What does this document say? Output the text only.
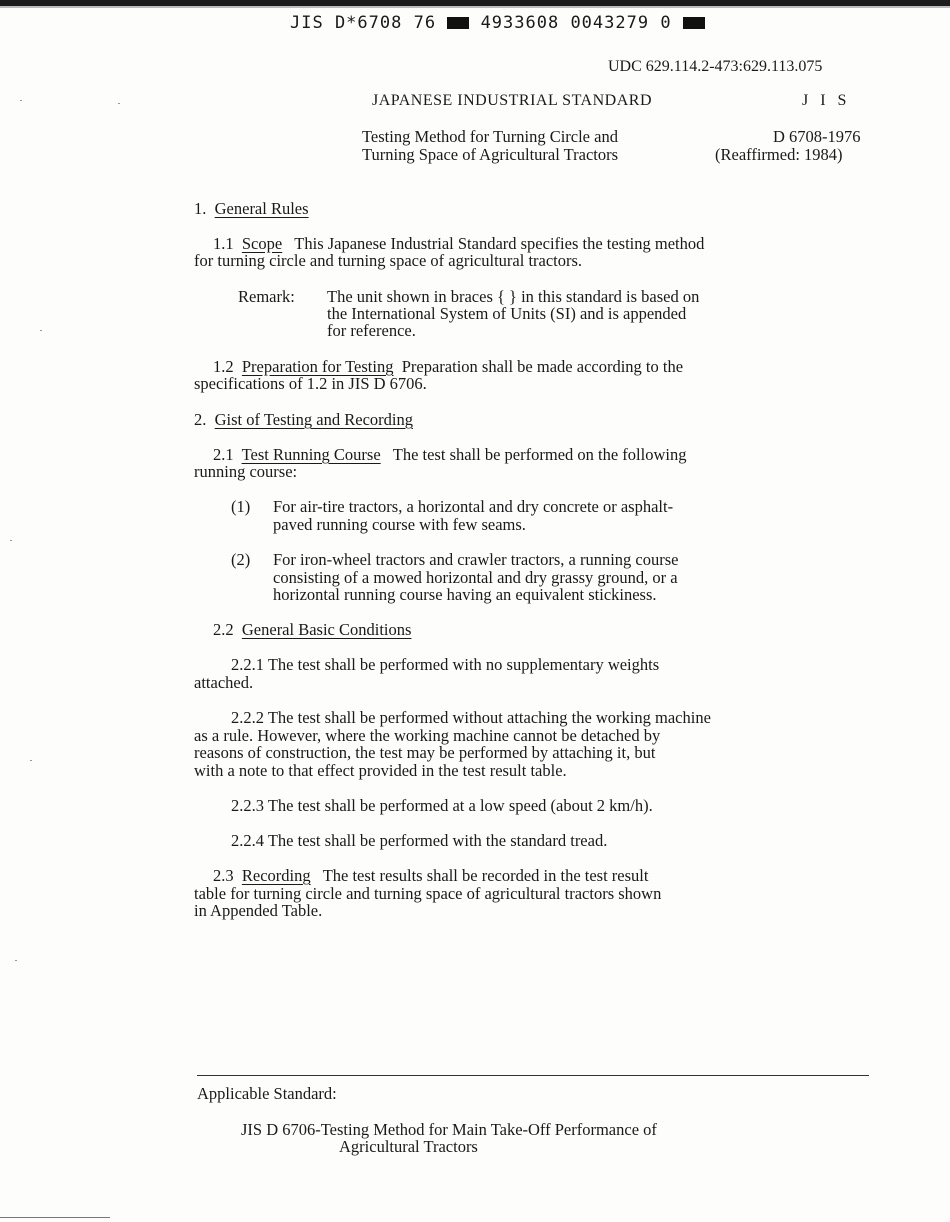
JIS D*6708 76	4933608 0043279 0
UDC 629.114.2-473:629.113.075
JAPANESE INDUSTRIAL STANDARD	J I S
Testing Method for Turning Circle and
Turning Space of Agricultural Tractors
D 6708-1976
(Reaffirmed: 1984)
1. General Rules
1.1 Scope This Japanese Industrial Standard specifies the testing method
for turning circle and turning space of agricultural tractors.
Remark: The unit shown in braces { } in this standard is based on
the International System of Units (SI) and is appended
for reference.
1.2 Preparation for Testing Preparation shall be made according to the
specifications of 1.2 in JIS D 6706.
2. Gist of Testing and Recording
2.1 Test Running Course The test shall be performed on the following
running course:
(1) For air-tire tractors, a horizontal and dry concrete or asphalt-
paved running course with few seams.
(2) For iron-wheel tractors and crawler tractors, a running course
consisting of a mowed horizontal and dry grassy ground, or a
horizontal running course having an equivalent stickiness.
2.2 General Basic Conditions
2.2.1 The test shall be performed with no supplementary weights
attached.
2.2.2 The test shall be performed without attaching the working machine
as a rule. However, where the working machine cannot be detached by
reasons of construction, the test may be performed by attaching it, but
with a note to that effect provided in the test result table.
2.2.3 The test shall be performed at a low speed (about 2 km/h).
2.2.4 The test shall be performed with the standard tread.
2.3 Recording The test results shall be recorded in the test result
table for turning circle and turning space of agricultural tractors shown
in Appended Table.
Applicable Standard:
JIS D 6706-Testing Method for Main Take-Off Performance of
Agricultural Tractors
